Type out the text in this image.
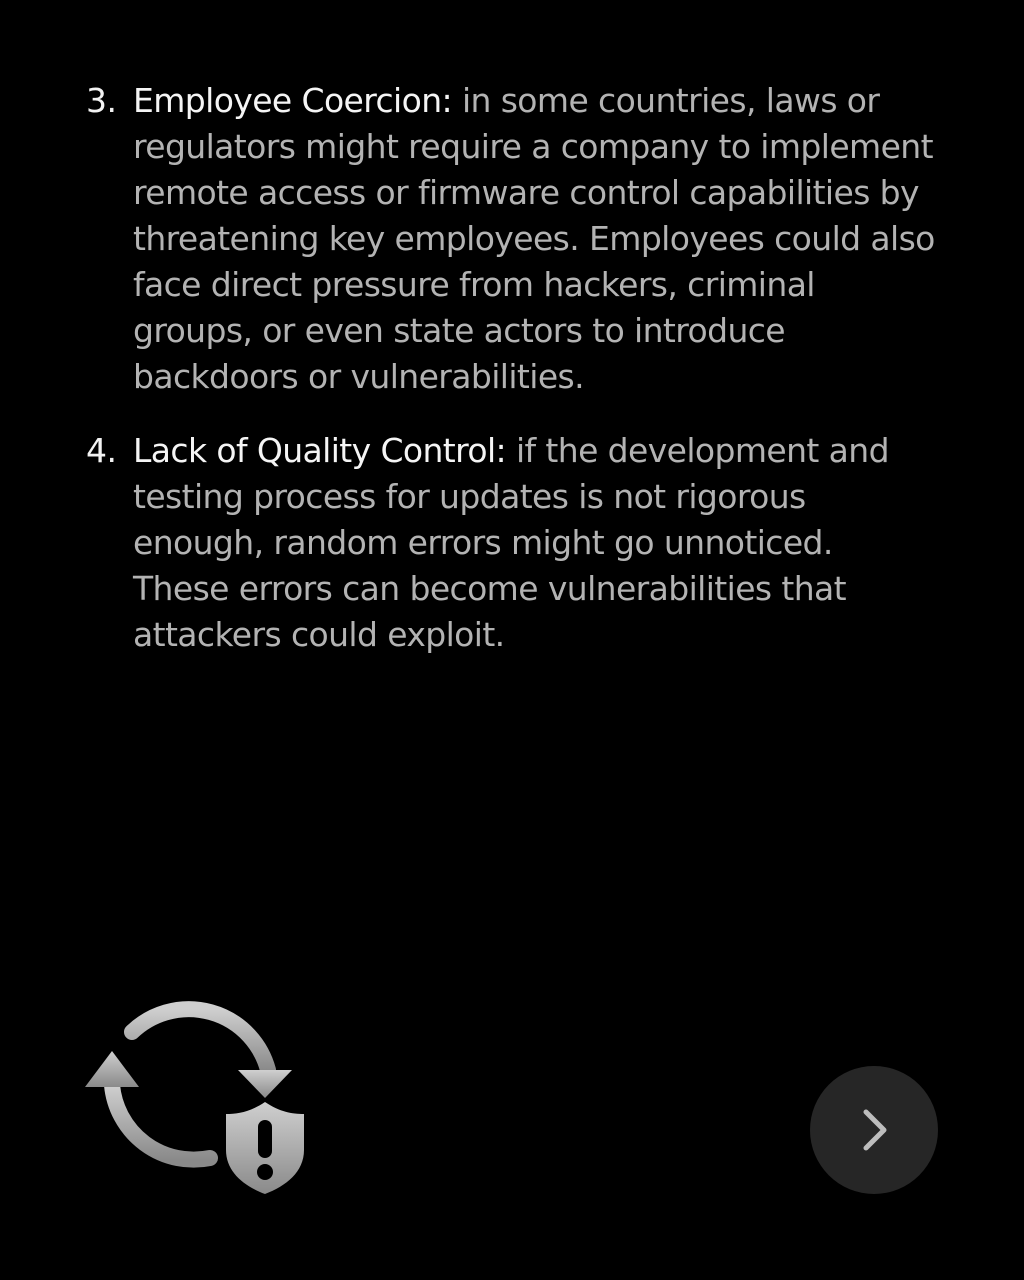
3. Employee Coercion: in some countries, laws or regulators might require a company to implement remote access or firmware control capabilities by threatening key employees. Employees could also face direct pressure from hackers, criminal groups, or even state actors to introduce backdoors or vulnerabilities.

4. Lack of Quality Control: if the development and testing process for updates is not rigorous enough, random errors might go unnoticed. These errors can become vulnerabilities that attackers could exploit.
